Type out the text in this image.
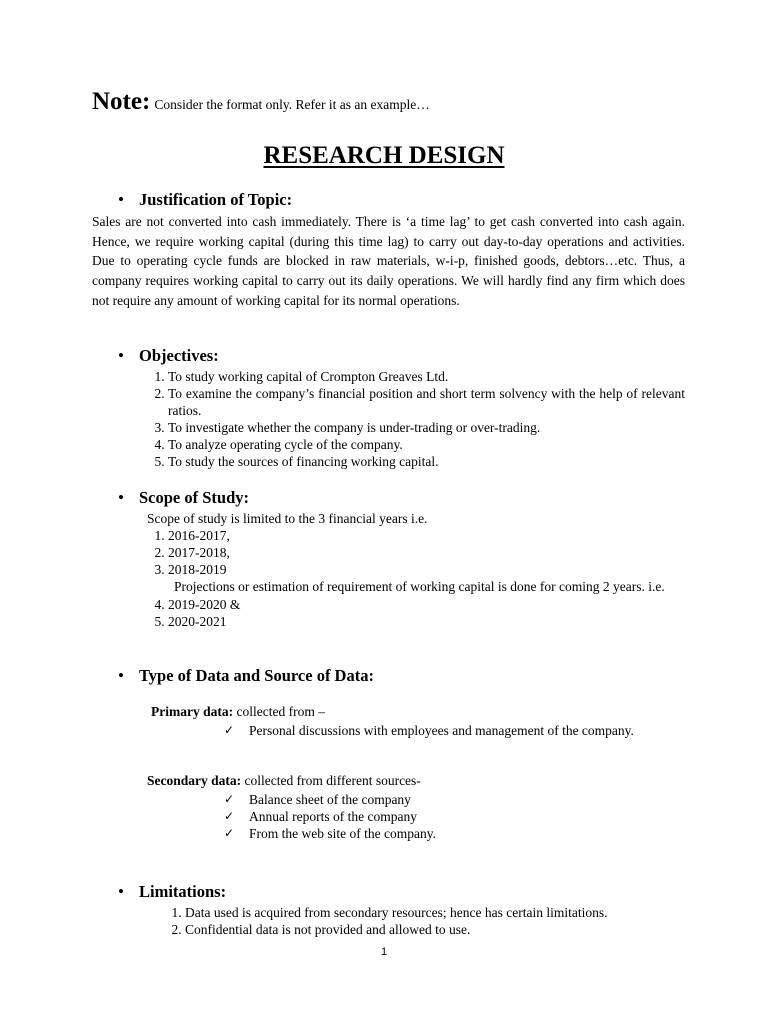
Note: Consider the format only. Refer it as an example…
RESEARCH DESIGN
• Justification of Topic:

Sales are not converted into cash immediately. There is ‘a time lag’ to get cash converted into cash again. Hence, we require working capital (during this time lag) to carry out day-to-day operations and activities. Due to operating cycle funds are blocked in raw materials, w-i-p, finished goods, debtors…etc. Thus, a company requires working capital to carry out its daily operations. We will hardly find any firm which does not require any amount of working capital for its normal operations.

• Objectives:
1. To study working capital of Crompton Greaves Ltd.
2. To examine the company’s financial position and short term solvency with the help of relevant ratios.
3. To investigate whether the company is under-trading or over-trading.
4. To analyze operating cycle of the company.
5. To study the sources of financing working capital.
• Scope of Study:
Scope of study is limited to the 3 financial years i.e.
1. 2016-2017,
2. 2017-2018,
3. 2018-2019

Projections or estimation of requirement of working capital is done for coming 2 years. i.e.

4. 2019-2020 &
5. 2020-2021
• Type of Data and Source of Data:
Primary data: collected from –
✓ Personal discussions with employees and management of the company.
Secondary data: collected from different sources-
✓ Balance sheet of the company
✓ Annual reports of the company
✓ From the web site of the company.
• Limitations:
1. Data used is acquired from secondary resources; hence has certain limitations.
2. Confidential data is not provided and allowed to use.
1
